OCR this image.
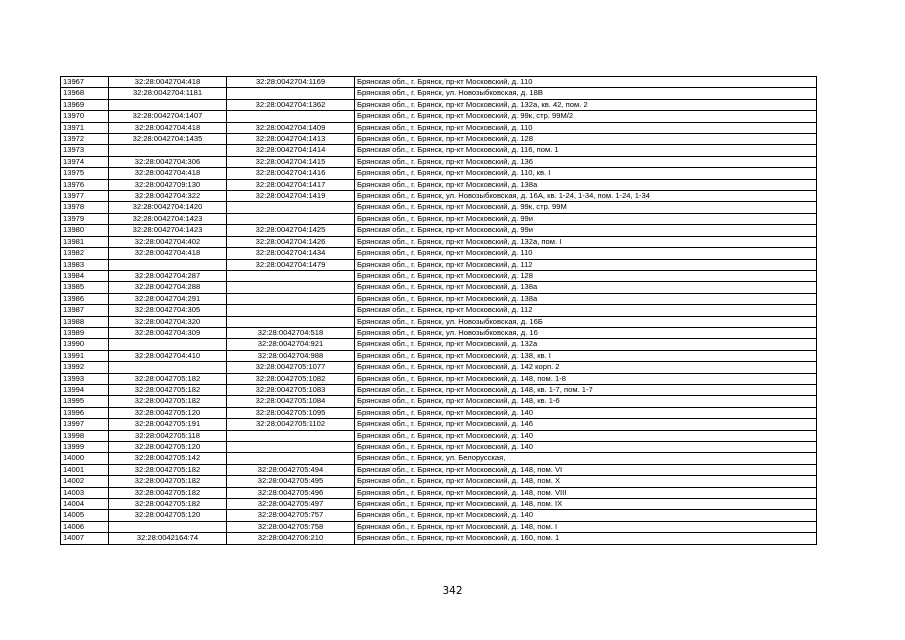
13967	32:28:0042704:418	32:28:0042704:1169	Брянская обл., г. Брянск, пр-кт Московский, д. 110
13968	32:28:0042704:1181		Брянская обл., г. Брянск, ул. Новозыбковская, д. 18В
13969		32:28:0042704:1362	Брянская обл., г. Брянск, пр-кт Московский, д. 132а, кв. 42, пом. 2
13970	32:28:0042704:1407		Брянская обл., г. Брянск, пр-кт Московский, д. 99к, стр. 99М/2
13971	32:28:0042704:418	32:28:0042704:1409	Брянская обл., г. Брянск, пр-кт Московский, д. 110
13972	32:28:0042704:1435	32:28:0042704:1413	Брянская обл., г. Брянск, пр-кт Московский, д. 128
13973		32:28:0042704:1414	Брянская обл., г. Брянск, пр-кт Московский, д. 116, пом. 1
13974	32:28:0042704:306	32:28:0042704:1415	Брянская обл., г. Брянск, пр-кт Московский, д. 136
13975	32:28:0042704:418	32:28:0042704:1416	Брянская обл., г. Брянск, пр-кт Московский, д. 110, кв. I
13976	32:28:0042709:130	32:28:0042704:1417	Брянская обл., г. Брянск, пр-кт Московский, д. 138а
13977	32:28:0042704:322	32:28:0042704:1419	Брянская обл., г. Брянск, ул. Новозыбковская, д. 16А, кв. 1-24, 1-34, пом. 1-24, 1-34
13978	32:28:0042704:1420		Брянская обл., г. Брянск, пр-кт Московский, д. 99к, стр. 99М
13979	32:28:0042704:1423		Брянская обл., г. Брянск, пр-кт Московский, д. 99и
13980	32:28:0042704:1423	32:28:0042704:1425	Брянская обл., г. Брянск, пр-кт Московский, д. 99и
13981	32:28:0042704:402	32:28:0042704:1426	Брянская обл., г. Брянск, пр-кт Московский, д. 132а, пом. I
13982	32:28:0042704:418	32:28:0042704:1434	Брянская обл., г. Брянск, пр-кт Московский, д. 110
13983		32:28:0042704:1479	Брянская обл., г. Брянск, пр-кт Московский, д. 112
13984	32:28:0042704:287		Брянская обл., г. Брянск, пр-кт Московский, д. 128
13985	32:28:0042704:288		Брянская обл., г. Брянск, пр-кт Московский, д. 138а
13986	32:28:0042704:291		Брянская обл., г. Брянск, пр-кт Московский, д. 138а
13987	32:28:0042704:305		Брянская обл., г. Брянск, пр-кт Московский, д. 112
13988	32:28:0042704:320		Брянская обл., г. Брянск, ул. Новозыбковская, д. 16Б
13989	32:28:0042704:309	32:28:0042704:518	Брянская обл., г. Брянск, ул. Новозыбковская, д. 16
13990		32:28:0042704:921	Брянская обл., г. Брянск, пр-кт Московский, д. 132а
13991	32:28:0042704:410	32:28:0042704:988	Брянская обл., г. Брянск, пр-кт Московский, д. 138, кв. I
13992		32:28:0042705:1077	Брянская обл., г. Брянск, пр-кт Московский, д. 142 корп. 2
13993	32:28:0042705:182	32:28:0042705:1082	Брянская обл., г. Брянск, пр-кт Московский, д. 148, пом. 1-8
13994	32:28:0042705:182	32:28:0042705:1083	Брянская обл., г. Брянск, пр-кт Московский, д. 148, кв. 1-7, пом. 1-7
13995	32:28:0042705:182	32:28:0042705:1084	Брянская обл., г. Брянск, пр-кт Московский, д. 148, кв. 1-6
13996	32:28:0042705:120	32:28:0042705:1095	Брянская обл., г. Брянск, пр-кт Московский, д. 140
13997	32:28:0042705:191	32:28:0042705:1102	Брянская обл., г. Брянск, пр-кт Московский, д. 146
13998	32:28:0042705:118		Брянская обл., г. Брянск, пр-кт Московский, д. 140
13999	32:28:0042705:120		Брянская обл., г. Брянск, пр-кт Московский, д. 140
14000	32:28:0042705:142		Брянская обл., г. Брянск, ул. Белорусская,
14001	32:28:0042705:182	32:28:0042705:494	Брянская обл., г. Брянск, пр-кт Московский, д. 148, пом. VI
14002	32:28:0042705:182	32:28:0042705:495	Брянская обл., г. Брянск, пр-кт Московский, д. 148, пом. X
14003	32:28:0042705:182	32:28:0042705:496	Брянская обл., г. Брянск, пр-кт Московский, д. 148, пом. VIII
14004	32:28:0042705:182	32:28:0042705:497	Брянская обл., г. Брянск, пр-кт Московский, д. 148, пом. IX
14005	32:28:0042705:120	32:28:0042705:757	Брянская обл., г. Брянск, пр-кт Московский, д. 140
14006		32:28:0042705:758	Брянская обл., г. Брянск, пр-кт Московский, д. 148, пом. I
14007	32:28:0042164:74	32:28:0042706:210	Брянская обл., г. Брянск, пр-кт Московский, д. 160, пом. 1
342
